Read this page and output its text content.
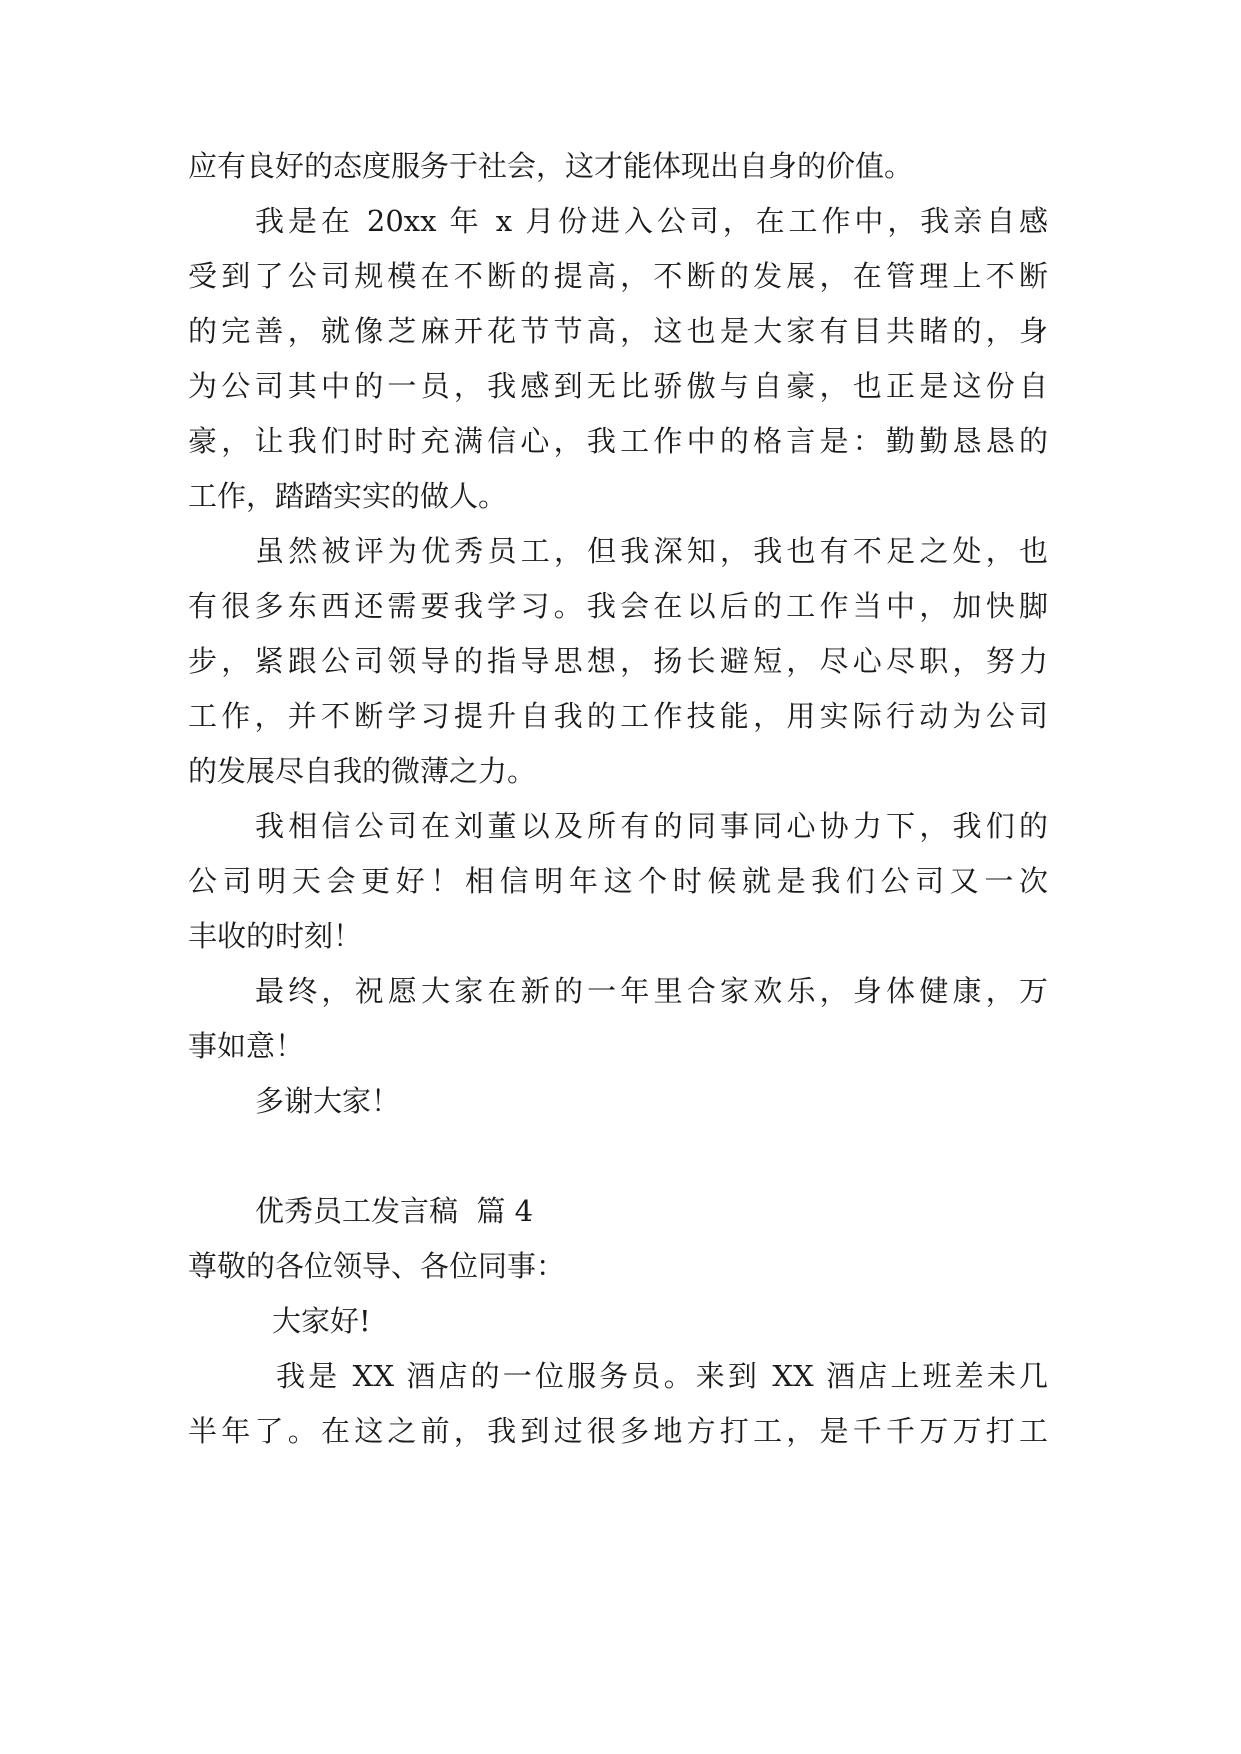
应有良好的态度服务于社会，这才能体现出自身的价值。

我是在 20xx 年 x 月份进入公司，在工作中，我亲自感

受到了公司规模在不断的提高，不断的发展，在管理上不断

的完善，就像芝麻开花节节高，这也是大家有目共睹的，身

为公司其中的一员，我感到无比骄傲与自豪，也正是这份自

豪，让我们时时充满信心，我工作中的格言是：勤勤恳恳的

工作，踏踏实实的做人。

虽然被评为优秀员工，但我深知，我也有不足之处，也

有很多东西还需要我学习。我会在以后的工作当中，加快脚

步，紧跟公司领导的指导思想，扬长避短，尽心尽职，努力

工作，并不断学习提升自我的工作技能，用实际行动为公司

的发展尽自我的微薄之力。

我相信公司在刘董以及所有的同事同心协力下，我们的

公司明天会更好！相信明年这个时候就是我们公司又一次

丰收的时刻！

最终，祝愿大家在新的一年里合家欢乐，身体健康，万

事如意！

多谢大家！

优秀员工发言稿  篇 4

尊敬的各位领导、各位同事：

大家好!

我是 XX 酒店的一位服务员。来到 XX 酒店上班差未几

半年了。在这之前，我到过很多地方打工，是千千万万打工
